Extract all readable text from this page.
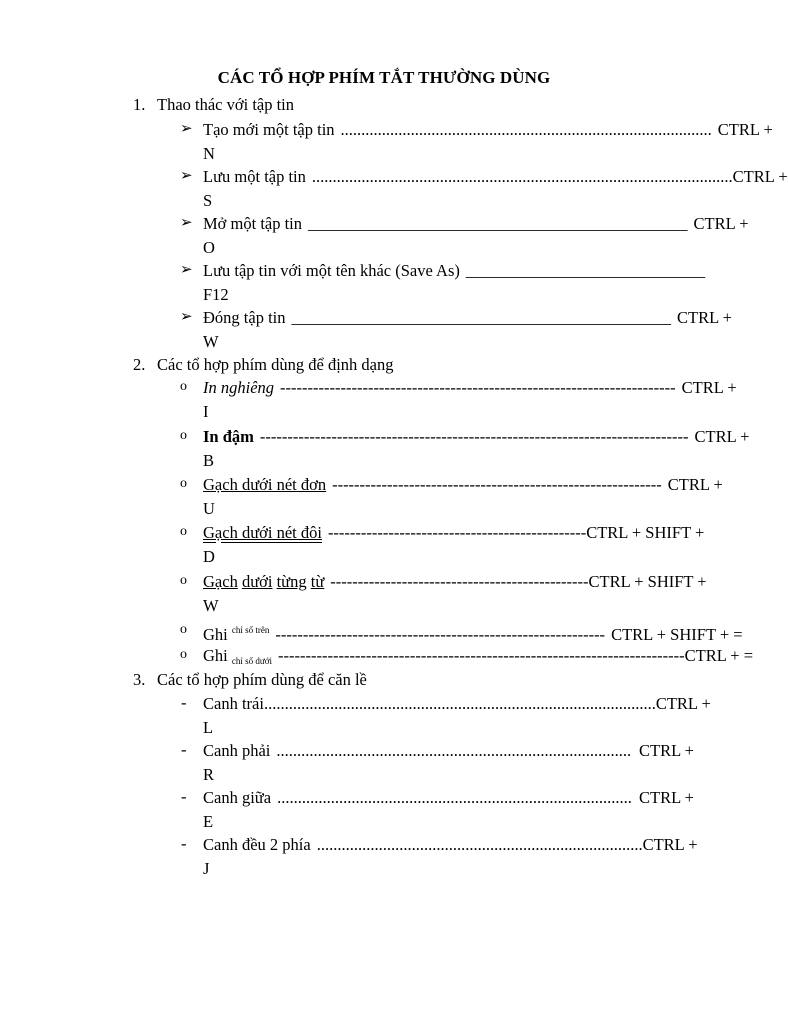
CÁC TỔ HỢP PHÍM TẮT THƯỜNG DÙNG
1. Thao thác với tập tin
➢ Tạo mới một tập tin .......................................................................................... CTRL +
N
➢ Lưu một tập tin ...................................................................................................... CTRL +
S
➢ Mở một tập tin ______________________________________________ CTRL +
O
➢ Lưu tập tin với một tên khác (Save As) _____________________________
F12
➢ Đóng tập tin ______________________________________________ CTRL +
W
2. Các tổ hợp phím dùng để định dạng
o In nghiêng ------------------------------------------------------------------------ CTRL +
I
o In đậm ------------------------------------------------------------------------------ CTRL +
B
o Gạch dưới nét đơn ------------------------------------------------------------ CTRL +
U
o Gạch dưới nét đôi ----------------------------------------------- CTRL + SHIFT +
D
o Gạch dưới từng từ ----------------------------------------------- CTRL + SHIFT +
W
o Ghi $^{chỉ số trên}$ ------------------------------------------------------------ CTRL + SHIFT + =
o Ghi $_{chỉ số dưới}$ -------------------------------------------------------------------------- CTRL + =
3. Các tổ hợp phím dùng để căn lề
-	Canh trái ............................................................................................... CTRL +
L
-	Canh phải ...................................................................................... CTRL +
R
-	Canh giữa ...................................................................................... CTRL +
E
-	Canh đều 2 phía ............................................................................... CTRL +
J
